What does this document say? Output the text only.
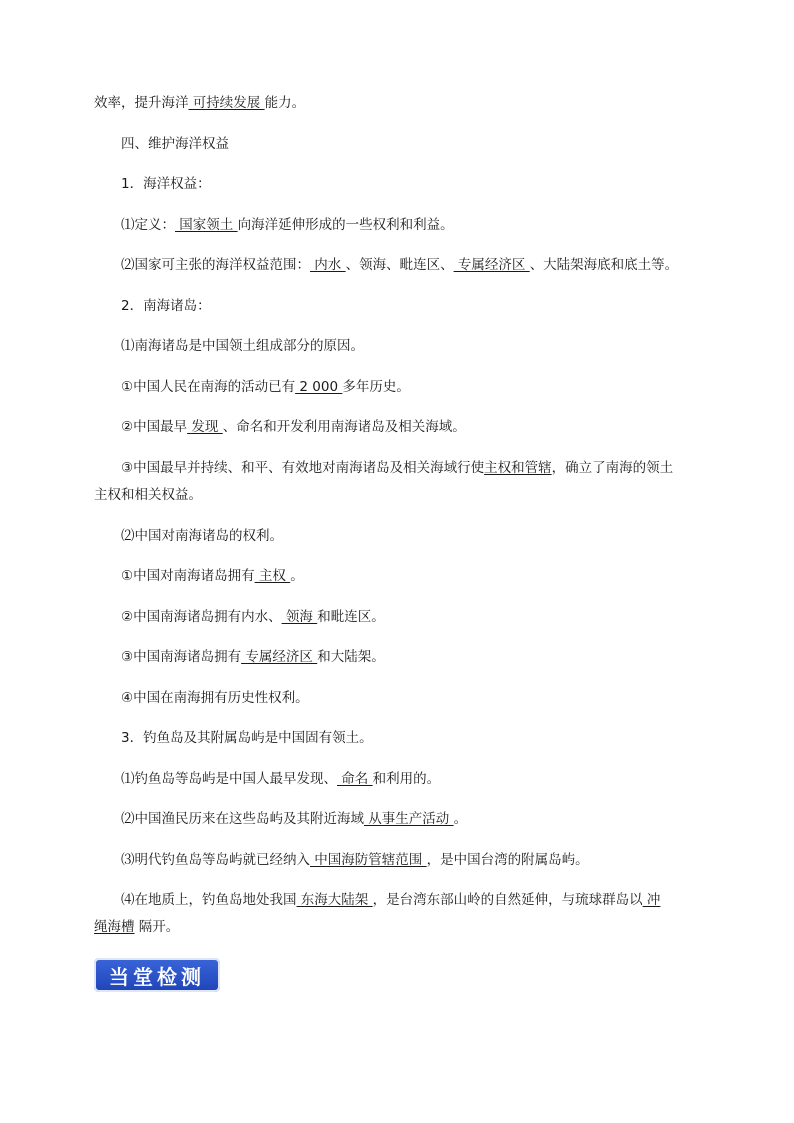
效率，提升海洋 可持续发展 能力。

四、维护海洋权益

1．海洋权益：

⑴定义： 国家领土 向海洋延伸形成的一些权利和利益。

⑵国家可主张的海洋权益范围： 内水 、领海、毗连区、 专属经济区 、大陆架海底和底土等。

2．南海诸岛：

⑴南海诸岛是中国领土组成部分的原因。

①中国人民在南海的活动已有 2 000 多年历史。

②中国最早 发现 、命名和开发利用南海诸岛及相关海域。

③中国最早并持续、和平、有效地对南海诸岛及相关海域行使主权和管辖，确立了南海的领土

主权和相关权益。

⑵中国对南海诸岛的权利。

①中国对南海诸岛拥有 主权 。

②中国南海诸岛拥有内水、 领海 和毗连区。

③中国南海诸岛拥有 专属经济区 和大陆架。

④中国在南海拥有历史性权利。

3．钓鱼岛及其附属岛屿是中国固有领土。

⑴钓鱼岛等岛屿是中国人最早发现、 命名 和利用的。

⑵中国渔民历来在这些岛屿及其附近海域 从事生产活动 。

⑶明代钓鱼岛等岛屿就已经纳入 中国海防管辖范围 ，是中国台湾的附属岛屿。

⑷在地质上，钓鱼岛地处我国 东海大陆架 ，是台湾东部山岭的自然延伸，与琉球群岛以 冲

绳海槽 隔开。

当堂检测
